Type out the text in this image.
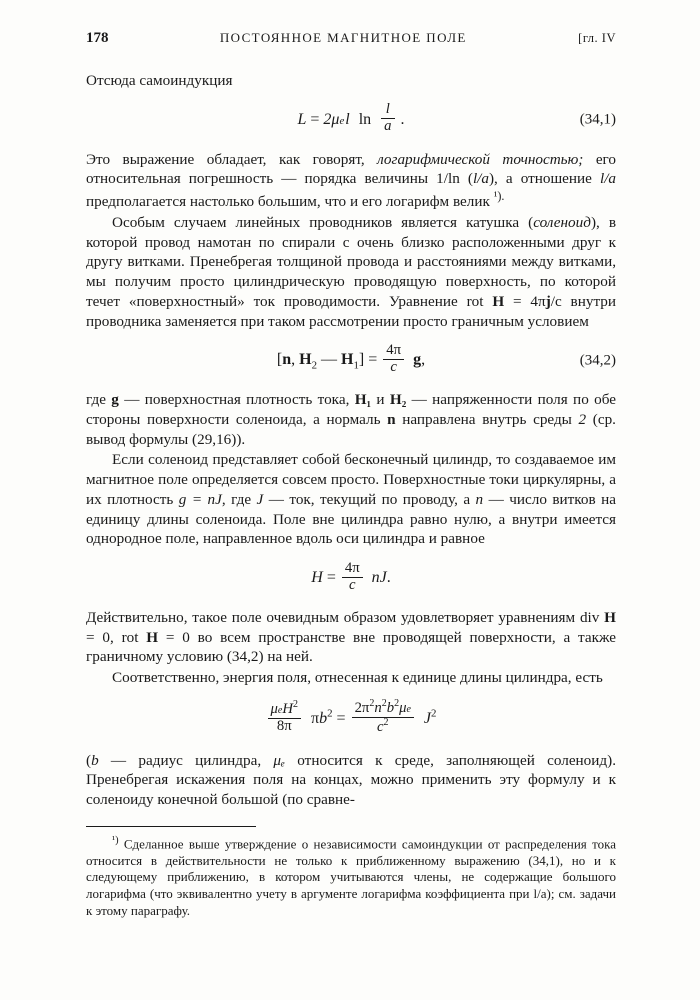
178	ПОСТОЯННОЕ МАГНИТНОЕ ПОЛЕ	[гл. IV

Отсюда самоиндукция

L = 2μel $\ln \frac{l}{a}$ .	(34,1)

Это выражение обладает, как говорят, логарифмической точностью; его относительная погрешность — порядка величины 1/ln (l/a), а отношение l/a предполагается настолько большим, что и его логарифм велик $^{^1).}$

Особым случаем линейных проводников является катушка (соленоид), в которой провод намотан по спирали с очень близко расположенными друг к другу витками. Пренебрегая толщиной провода и расстояниями между витками, мы получим просто цилиндрическую проводящую поверхность, по которой течет «поверхностный» ток проводимости. Уравнение rot H = 4πj/c внутри проводника заменяется при таком рассмотрении просто граничным условием

[n, $H_2$ — $H_1] = \frac{4\pi}{c} g$,	(34,2)

где g — поверхностная плотность тока, H₁ и H₂ — напряженности поля по обе стороны поверхности соленоида, а нормаль n направлена внутрь среды 2 (ср. вывод формулы (29,16)).

Если соленоид представляет собой бесконечный цилиндр, то создаваемое им магнитное поле определяется совсем просто. Поверхностные токи циркулярны, а их плотность g = nJ, где J — ток, текущий по проводу, а n — число витков на единицу длины соленоида. Поле вне цилиндра равно нулю, а внутри имеется однородное поле, направленное вдоль оси цилиндра и равное

$H = \frac{4\pi}{c}$ nJ.

Действительно, такое поле очевидным образом удовлетворяет уравнениям div H = 0, rot H = 0 во всем пространстве вне проводящей поверхности, а также граничному условию (34,2) на ней.

Соответственно, энергия поля, отнесенная к единице длины цилиндра, есть

$\frac{\mu eH^2}{8\pi} \pi b^2 = \frac{2\pi^2n^2b^2\mu e}{c^2} J^2$

(b — радиус цилиндра, μₑ относится к среде, заполняющей соленоид). Пренебрегая искажения поля на концах, можно применить эту формулу и к соленоиду конечной большой (по сравне-

$^{^1)}$ Сделанное выше утверждение о независимости самоиндукции от распределения тока относится в действительности не только к приближенному выражению (34,1), но и к следующему приближению, в котором учитываются члены, не содержащие большого логарифма (что эквивалентно учету в аргументе логарифма коэффициента при l/a); см. задачи к этому параграфу.
